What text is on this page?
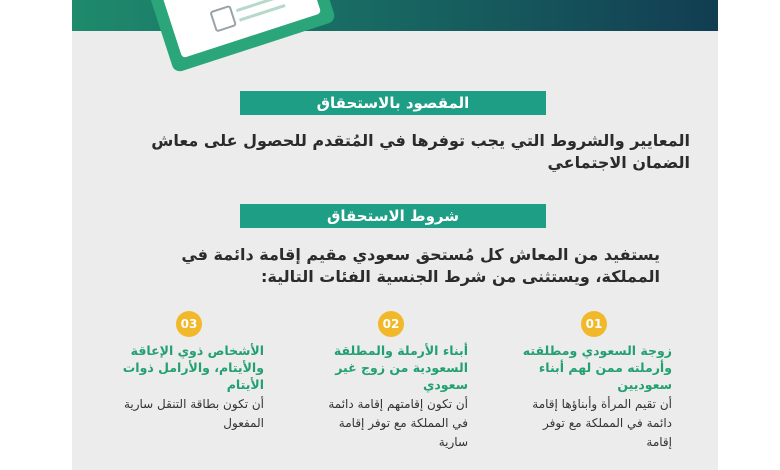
المقصود بالاستحقاق
المعايير والشروط التي يجب توفرها في المُتقدم للحصول على معاش الضمان الاجتماعي
شروط الاستحقاق
يستفيد من المعاش كل مُستحق سعودي مقيم إقامة دائمة في المملكة، ويستثنى من شرط الجنسية الفئات التالية:
01
02
03

زوجة السعودي ومطلقته وأرملته ممن لهم أبناء سعوديين

أن تقيم المرأة وأبناؤها إقامة دائمة في المملكة مع توفر إقامة

أبناء الأرملة والمطلقة السعودية من زوج غير سعودي

أن تكون إقامتهم إقامة دائمة في المملكة مع توفر إقامة سارية

الأشخاص ذوي الإعاقة والأيتام، والأرامل ذوات الأيتام

أن تكون بطاقة التنقل سارية المفعول
